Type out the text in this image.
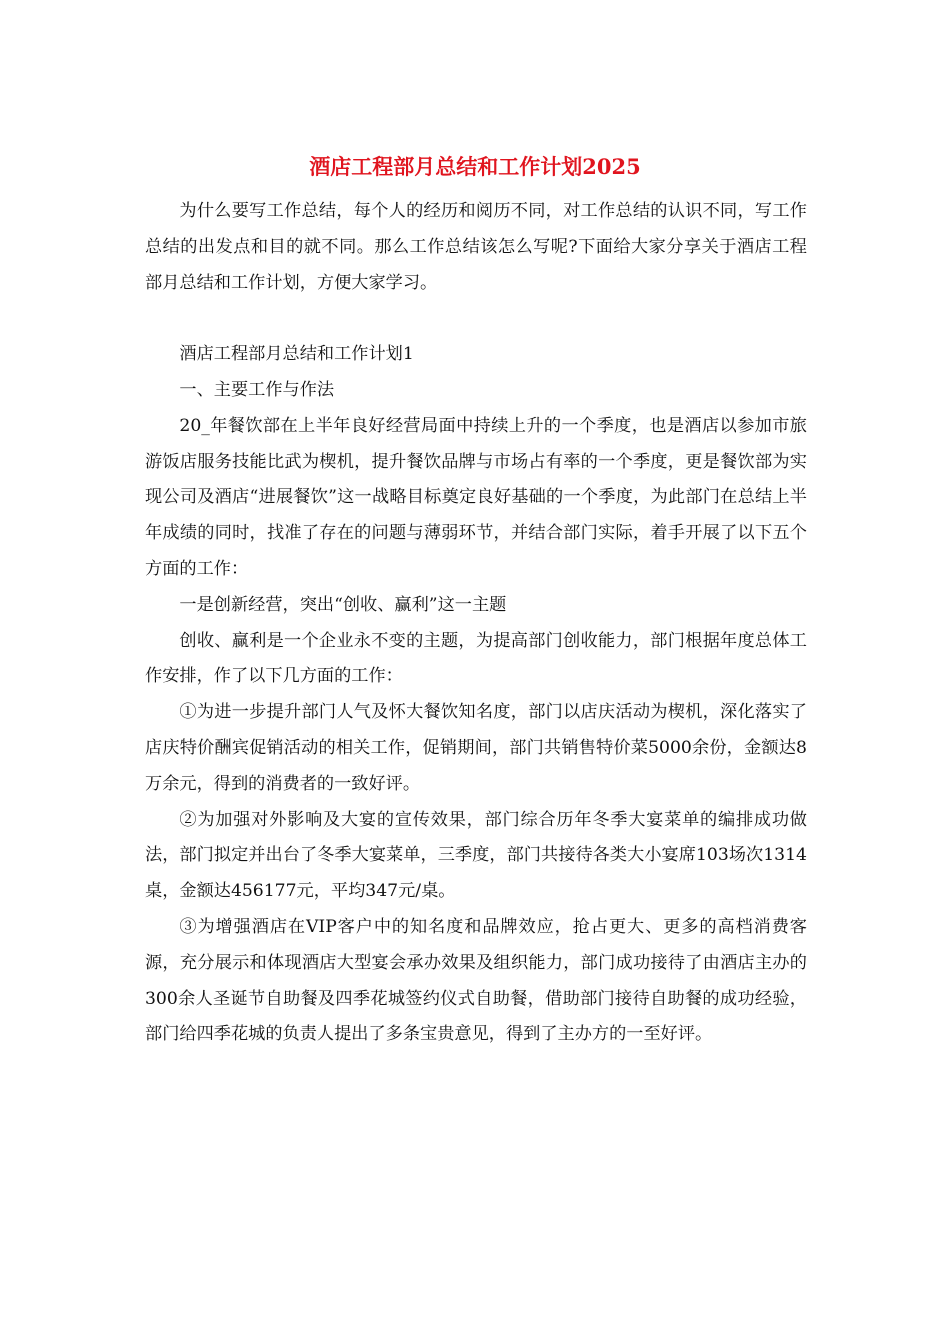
酒店工程部月总结和工作计划2025

为什么要写工作总结，每个人的经历和阅历不同，对工作总结的认识不同，写工作总结的出发点和目的就不同。那么工作总结该怎么写呢?下面给大家分享关于酒店工程部月总结和工作计划，方便大家学习。

酒店工程部月总结和工作计划1

一、主要工作与作法

20_年餐饮部在上半年良好经营局面中持续上升的一个季度，也是酒店以参加市旅游饭店服务技能比武为楔机，提升餐饮品牌与市场占有率的一个季度，更是餐饮部为实现公司及酒店“进展餐饮”这一战略目标奠定良好基础的一个季度，为此部门在总结上半年成绩的同时，找准了存在的问题与薄弱环节，并结合部门实际，着手开展了以下五个方面的工作：

一是创新经营，突出“创收、赢利”这一主题

创收、赢利是一个企业永不变的主题，为提高部门创收能力，部门根据年度总体工作安排，作了以下几方面的工作：

①为进一步提升部门人气及怀大餐饮知名度，部门以店庆活动为楔机，深化落实了店庆特价酬宾促销活动的相关工作，促销期间，部门共销售特价菜5000余份，金额达8万余元，得到的消费者的一致好评。

②为加强对外影响及大宴的宣传效果，部门综合历年冬季大宴菜单的编排成功做法，部门拟定并出台了冬季大宴菜单，三季度，部门共接待各类大小宴席103场次1314桌，金额达456177元，平均347元/桌。

③为增强酒店在VIP客户中的知名度和品牌效应，抢占更大、更多的高档消费客源，充分展示和体现酒店大型宴会承办效果及组织能力，部门成功接待了由酒店主办的300余人圣诞节自助餐及四季花城签约仪式自助餐，借助部门接待自助餐的成功经验，部门给四季花城的负责人提出了多条宝贵意见，得到了主办方的一至好评。
